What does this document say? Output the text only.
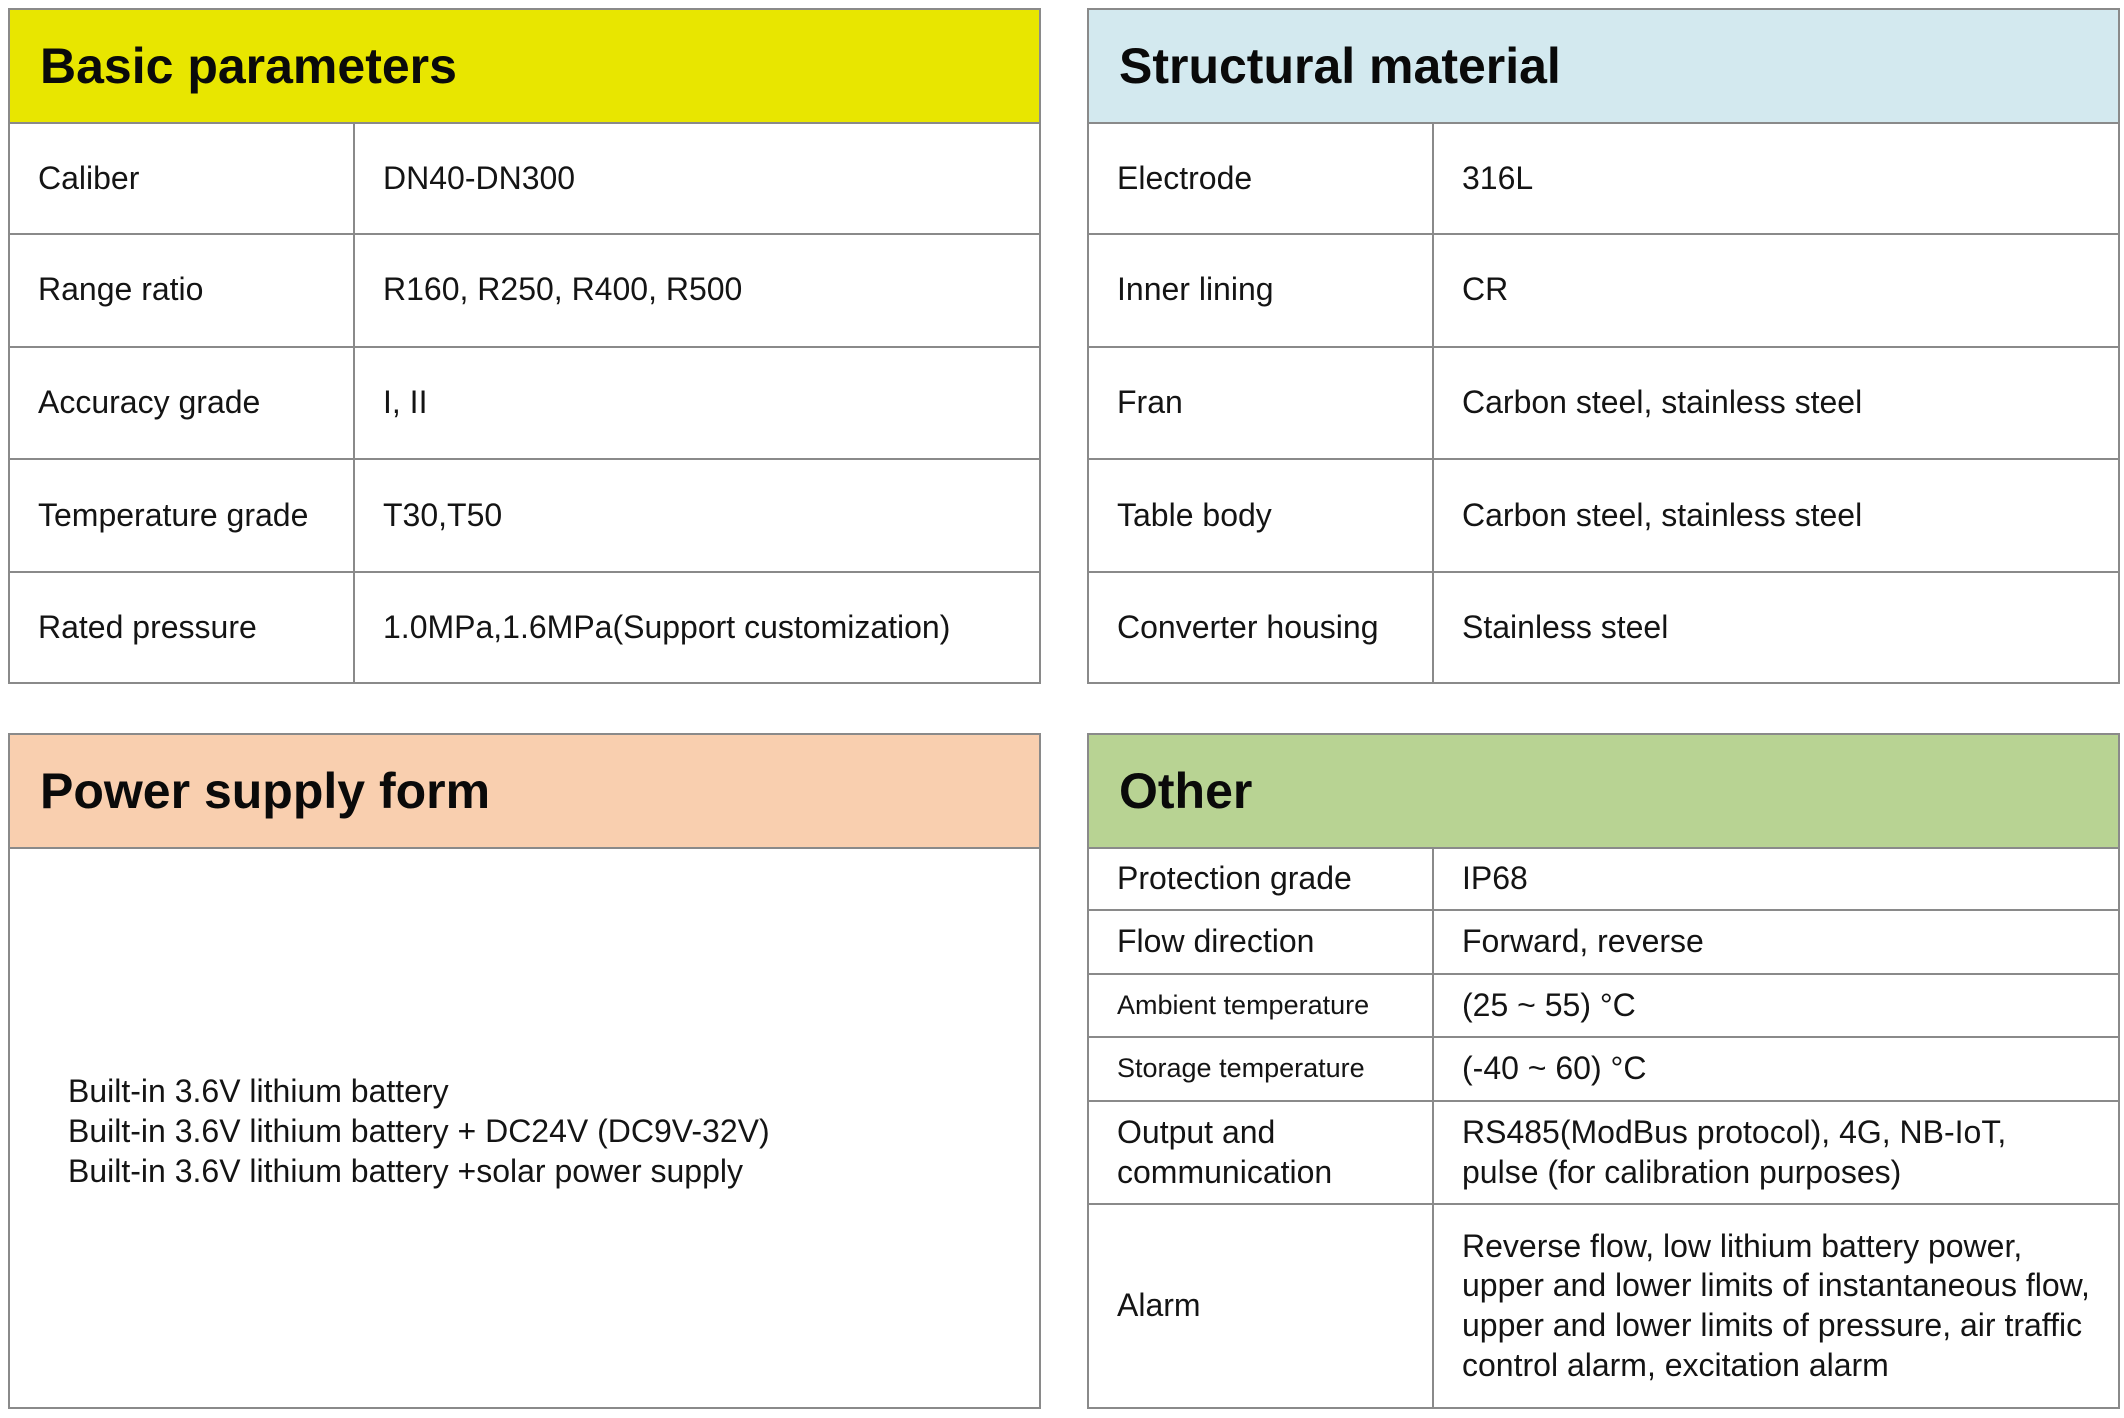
Basic parameters
Caliber	DN40-DN300
Range ratio	R160, R250, R400, R500
Accuracy grade	I, II
Temperature grade	T30,T50
Rated pressure	1.0MPa,1.6MPa(Support customization)
Structural material
Electrode	316L
Inner lining	CR
Fran	Carbon steel, stainless steel
Table body	Carbon steel, stainless steel
Converter housing	Stainless steel
Power supply form
Built-in 3.6V lithium battery
Built-in 3.6V lithium battery + DC24V (DC9V-32V)
Built-in 3.6V lithium battery +solar power supply
Other
Protection grade	IP68
Flow direction	Forward, reverse
Ambient temperature	(25 ~ 55) °C
Storage temperature	(-40 ~ 60) °C
Output and communication	RS485(ModBus protocol), 4G, NB-IoT, pulse (for calibration purposes)
Alarm	Reverse flow, low lithium battery power, upper and lower limits of instantaneous flow, upper and lower limits of pressure, air traffic control alarm, excitation alarm
